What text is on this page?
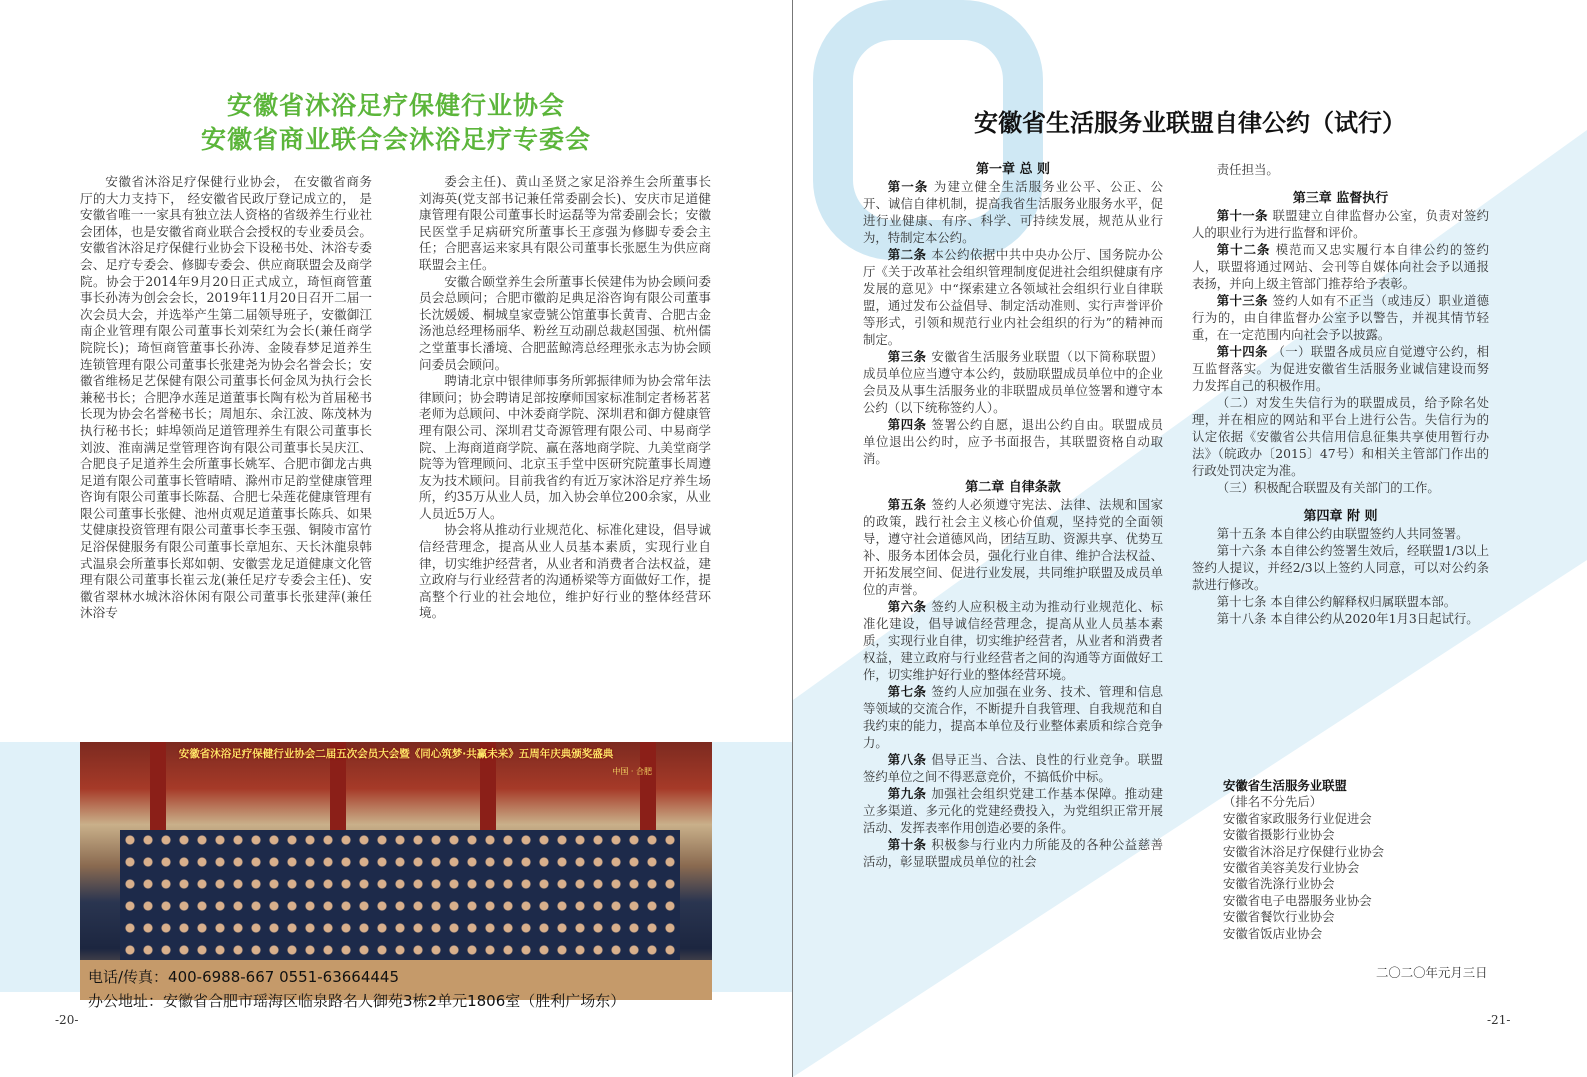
安徽省沐浴足疗保健行业协会
安徽省商业联合会沐浴足疗专委会

安徽省沐浴足疗保健行业协会， 在安徽省商务厅的大力支持下， 经安徽省民政厅登记成立的， 是安徽省唯一一家具有独立法人资格的省级养生行业社会团体，也是安徽省商业联合会授权的专业委员会。安徽省沐浴足疗保健行业协会下设秘书处、沐浴专委会、足疗专委会、修脚专委会、供应商联盟会及商学院。协会于2014年9月20日正式成立，琦恒商管董事长孙涛为创会会长，2019年11月20日召开二届一次会员大会，并选举产生第二届领导班子，安徽御江南企业管理有限公司董事长刘荣红为会长(兼任商学院院长)；琦恒商管董事长孙涛、金陵春梦足道养生连锁管理有限公司董事长张建尧为协会名誉会长；安徽省维杨足艺保健有限公司董事长何金凤为执行会长兼秘书长；合肥净水莲足道董事长陶有松为首届秘书长现为协会名誉秘书长；周旭东、余江波、陈茂林为执行秘书长；蚌埠领尚足道管理养生有限公司董事长刘波、淮南满足堂管理咨询有限公司董事长吴庆江、合肥良子足道养生会所董事长姚军、合肥市御龙古典足道有限公司董事长管晴晴、滁州市足韵堂健康管理咨询有限公司董事长陈磊、合肥七朵莲花健康管理有限公司董事长张健、池州贞观足道董事长陈兵、如果艾健康投资管理有限公司董事长李玉强、铜陵市富竹足浴保健服务有限公司董事长章旭东、天长沐龍泉韩式温泉会所董事长郑如朝、安徽雲龙足道健康文化管理有限公司董事长崔云龙(兼任足疗专委会主任)、安徽省翠林水城沐浴休闲有限公司董事长张建萍(兼任沐浴专

委会主任)、黄山圣贤之家足浴养生会所董事长刘海英(党支部书记兼任常委副会长)、安庆市足道健康管理有限公司董事长时运磊等为常委副会长；安徽民医堂手足病研究所董事长王彦强为修脚专委会主任；合肥喜运来家具有限公司董事长张愿生为供应商联盟会主任。

安徽合颐堂养生会所董事长侯建伟为协会顾问委员会总顾问；合肥市徽韵足典足浴咨询有限公司董事长沈媛媛、桐城皇家壹號公馆董事长黄青、合肥古金汤池总经理杨丽华、粉丝互动副总裁赵国强、杭州儒之堂董事长潘境、合肥蓝鲸湾总经理张永志为协会顾问委员会顾问。

聘请北京中银律师事务所郭振律师为协会常年法律顾问；协会聘请足部按摩师国家标准制定者杨茗茗老师为总顾问、中沐委商学院、深圳君和御方健康管理有限公司、深圳君艾奇源管理有限公司、中易商学院、上海商道商学院、赢在落地商学院、九美堂商学院等为管理顾问、北京玉手堂中医研究院董事长周遵友为技术顾问。目前我省约有近万家沐浴足疗养生场所，约35万从业人员，加入协会单位200余家，从业人员近5万人。

协会将从推动行业规范化、标准化建设，倡导诚信经营理念，提高从业人员基本素质，实现行业自律，切实维护经营者，从业者和消费者合法权益，建立政府与行业经营者的沟通桥梁等方面做好工作，提高整个行业的社会地位，维护好行业的整体经营环境。

安徽省沐浴足疗保健行业协会二届五次会员大会暨《同心筑梦·共赢未来》五周年庆典颁奖盛典
中国 · 合肥
电话/传真：400-6988-667 0551-63664445
办公地址：安徽省合肥市瑶海区临泉路名人御苑3栋2单元1806室（胜利广场东）
-20-
安徽省生活服务业联盟自律公约（试行）

第一章 总 则

第一条 为建立健全生活服务业公平、公正、公开、诚信自律机制，提高我省生活服务业服务水平，促进行业健康、有序、科学、可持续发展，规范从业行为，特制定本公约。

第二条 本公约依据中共中央办公厅、国务院办公厅《关于改革社会组织管理制度促进社会组织健康有序发展的意见》中“探索建立各领域社会组织行业自律联盟，通过发布公益倡导、制定活动准则、实行声誉评价等形式，引领和规范行业内社会组织的行为”的精神而制定。

第三条 安徽省生活服务业联盟（以下简称联盟）成员单位应当遵守本公约，鼓励联盟成员单位中的企业会员及从事生活服务业的非联盟成员单位签署和遵守本公约（以下统称签约人）。

第四条 签署公约自愿，退出公约自由。联盟成员单位退出公约时，应予书面报告，其联盟资格自动取消。

第二章 自律条款

第五条 签约人必须遵守宪法、法律、法规和国家的政策，践行社会主义核心价值观，坚持党的全面领导，遵守社会道德风尚，团结互助、资源共享、优势互补、服务本团体会员，强化行业自律、维护合法权益、开拓发展空间、促进行业发展，共同维护联盟及成员单位的声誉。

第六条 签约人应积极主动为推动行业规范化、标准化建设，倡导诚信经营理念，提高从业人员基本素质，实现行业自律，切实维护经营者，从业者和消费者权益，建立政府与行业经营者之间的沟通等方面做好工作，切实维护好行业的整体经营环境。

第七条 签约人应加强在业务、技术、管理和信息等领域的交流合作，不断提升自我管理、自我规范和自我约束的能力，提高本单位及行业整体素质和综合竞争力。

第八条 倡导正当、合法、良性的行业竞争。联盟签约单位之间不得恶意竞价，不搞低价中标。

第九条 加强社会组织党建工作基本保障。推动建立多渠道、多元化的党建经费投入，为党组织正常开展活动、发挥表率作用创造必要的条件。

第十条 积极参与行业内力所能及的各种公益慈善活动，彰显联盟成员单位的社会

责任担当。

第三章 监督执行

第十一条 联盟建立自律监督办公室，负责对签约人的职业行为进行监督和评价。

第十二条 模范而又忠实履行本自律公约的签约人，联盟将通过网站、会刊等自媒体向社会予以通报表扬，并向上级主管部门推荐给予表彰。

第十三条 签约人如有不正当（或违反）职业道德行为的，由自律监督办公室予以警告，并视其情节轻重，在一定范围内向社会予以披露。

第十四条 （一）联盟各成员应自觉遵守公约，相互监督落实。为促进安徽省生活服务业诚信建设而努力发挥自己的积极作用。

（二）对发生失信行为的联盟成员，给予除名处理，并在相应的网站和平台上进行公告。失信行为的认定依据《安徽省公共信用信息征集共享使用暂行办法》（皖政办〔2015〕47号）和相关主管部门作出的行政处罚决定为准。

（三）积极配合联盟及有关部门的工作。

第四章 附 则

第十五条 本自律公约由联盟签约人共同签署。

第十六条 本自律公约签署生效后，经联盟1/3以上签约人提议，并经2/3以上签约人同意，可以对公约条款进行修改。

第十七条 本自律公约解释权归属联盟本部。

第十八条 本自律公约从2020年1月3日起试行。

-21-
安徽省生活服务业联盟
（排名不分先后）
安徽省家政服务行业促进会
安徽省摄影行业协会
安徽省沐浴足疗保健行业协会
安徽省美容美发行业协会
安徽省洗涤行业协会
安徽省电子电器服务业协会
安徽省餐饮行业协会
安徽省饭店业协会
二〇二〇年元月三日
